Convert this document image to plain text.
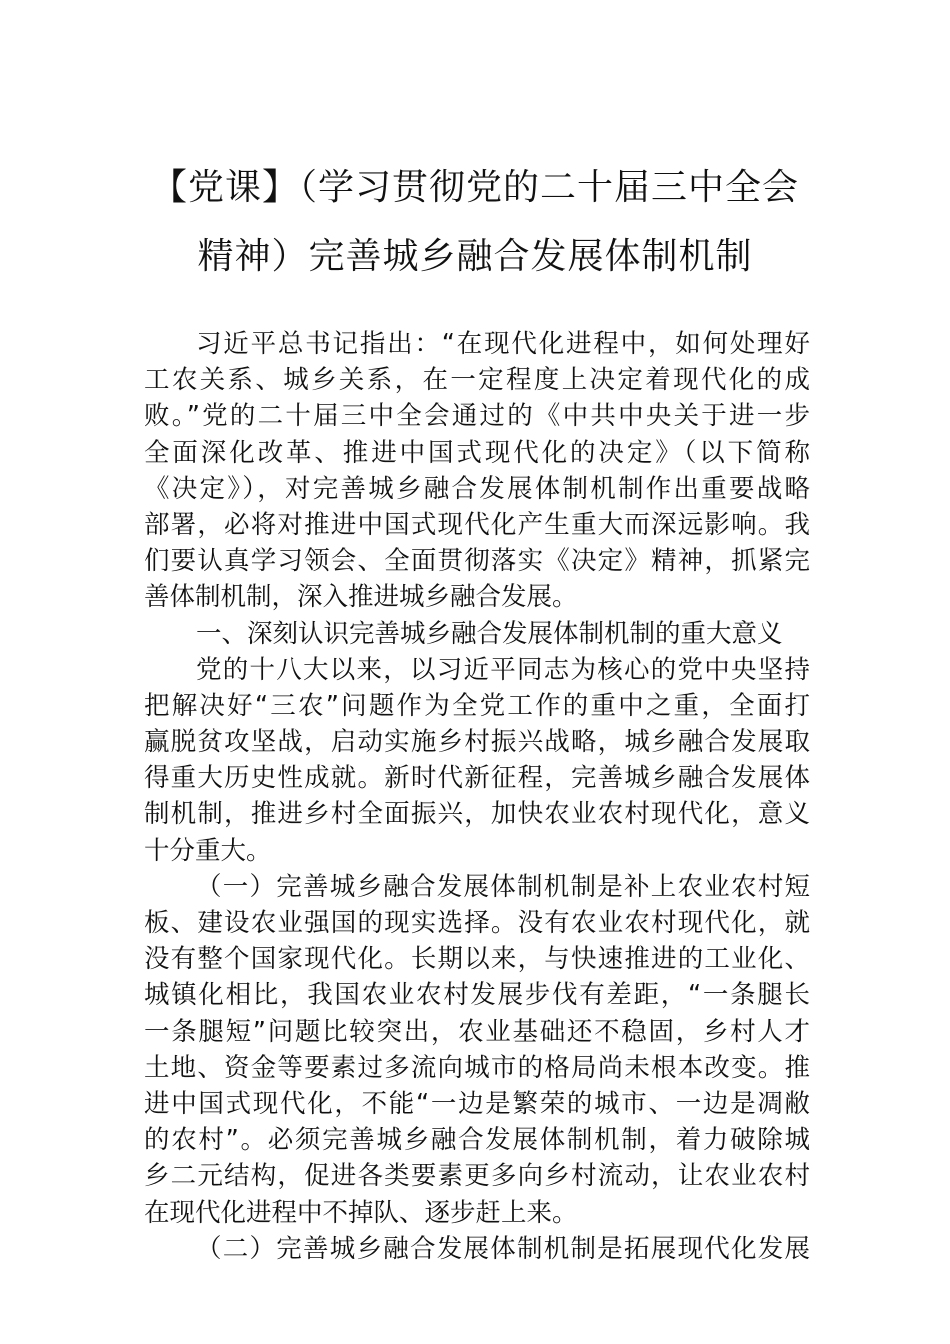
【党课】（学习贯彻党的二十届三中全会
精神）完善城乡融合发展体制机制
习近平总书记指出：“在现代化进程中，如何处理好
工农关系、城乡关系，在一定程度上决定着现代化的成
败。”党的二十届三中全会通过的《中共中央关于进一步
全面深化改革、推进中国式现代化的决定》（以下简称
《决定》），对完善城乡融合发展体制机制作出重要战略
部署，必将对推进中国式现代化产生重大而深远影响。我
们要认真学习领会、全面贯彻落实《决定》精神，抓紧完
善体制机制，深入推进城乡融合发展。
一、深刻认识完善城乡融合发展体制机制的重大意义
党的十八大以来，以习近平同志为核心的党中央坚持
把解决好“三农”问题作为全党工作的重中之重，全面打
赢脱贫攻坚战，启动实施乡村振兴战略，城乡融合发展取
得重大历史性成就。新时代新征程，完善城乡融合发展体
制机制，推进乡村全面振兴，加快农业农村现代化，意义
十分重大。
（一）完善城乡融合发展体制机制是补上农业农村短
板、建设农业强国的现实选择。没有农业农村现代化，就
没有整个国家现代化。长期以来，与快速推进的工业化、
城镇化相比，我国农业农村发展步伐有差距，“一条腿长
一条腿短”问题比较突出，农业基础还不稳固，乡村人才
土地、资金等要素过多流向城市的格局尚未根本改变。推
进中国式现代化，不能“一边是繁荣的城市、一边是凋敝
的农村”。必须完善城乡融合发展体制机制，着力破除城
乡二元结构，促进各类要素更多向乡村流动，让农业农村
在现代化进程中不掉队、逐步赶上来。
（二）完善城乡融合发展体制机制是拓展现代化发展
